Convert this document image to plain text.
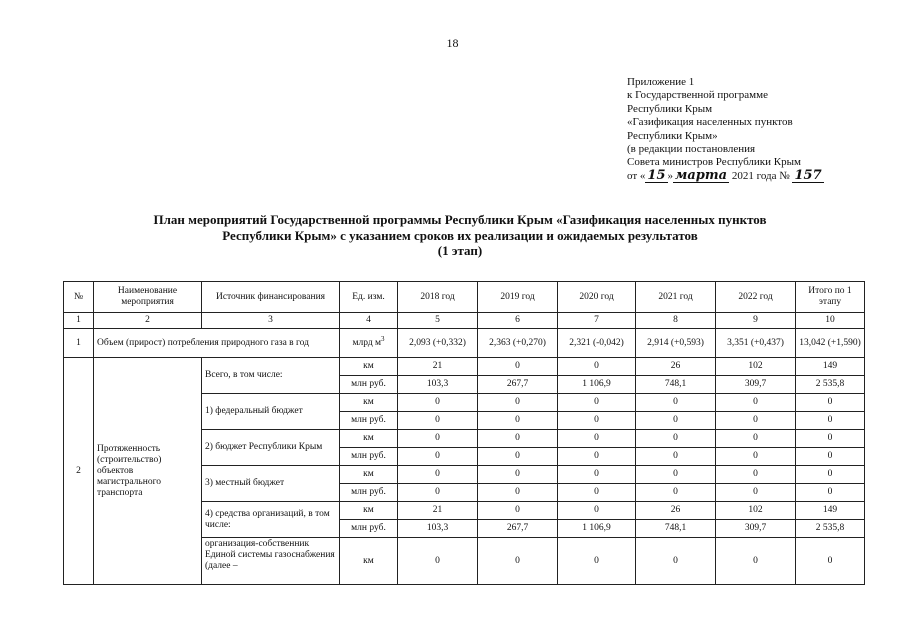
18
Приложение 1
к Государственной программе
Республики Крым
«Газификация населенных пунктов
Республики Крым»
(в редакции постановления
Совета министров Республики Крым
от « 15 » марта 2021 года № 157
План мероприятий Государственной программы Республики Крым «Газификация населенных пунктов
Республики Крым» с указанием сроков их реализации и ожидаемых результатов
(1 этап)
№	Наименование мероприятия	Источник финансирования	Ед. изм.	2018 год	2019 год	2020 год	2021 год	2022 год	Итого по 1 этапу
1	2	3	4	5	6	7	8	9	10
1	Объем (прирост) потребления природного газа в год		млрд $м^3$	2,093 (+0,332)	2,363 (+0,270)	2,321 (-0,042)	2,914 (+0,593)	3,351 (+0,437)	13,042 (+1,590)
2	Протяженность (строительство) объектов магистрального транспорта	Всего, в том числе:	км	21	0	0	26	102	149
			млн руб.	103,3	267,7	1 106,9	748,1	309,7	2 535,8
		1) федеральный бюджет	км	0	0	0	0	0	0
			млн руб.	0	0	0	0	0	0
		2) бюджет Республики Крым	км	0	0	0	0	0	0
			млн руб.	0	0	0	0	0	0
		3) местный бюджет	км	0	0	0	0	0	0
			млн руб.	0	0	0	0	0	0
		4) средства организаций, в том числе:	км	21	0	0	26	102	149
			млн руб.	103,3	267,7	1 106,9	748,1	309,7	2 535,8
		организация-собственник Единой системы газоснабжения (далее –	км	0	0	0	0	0	0
